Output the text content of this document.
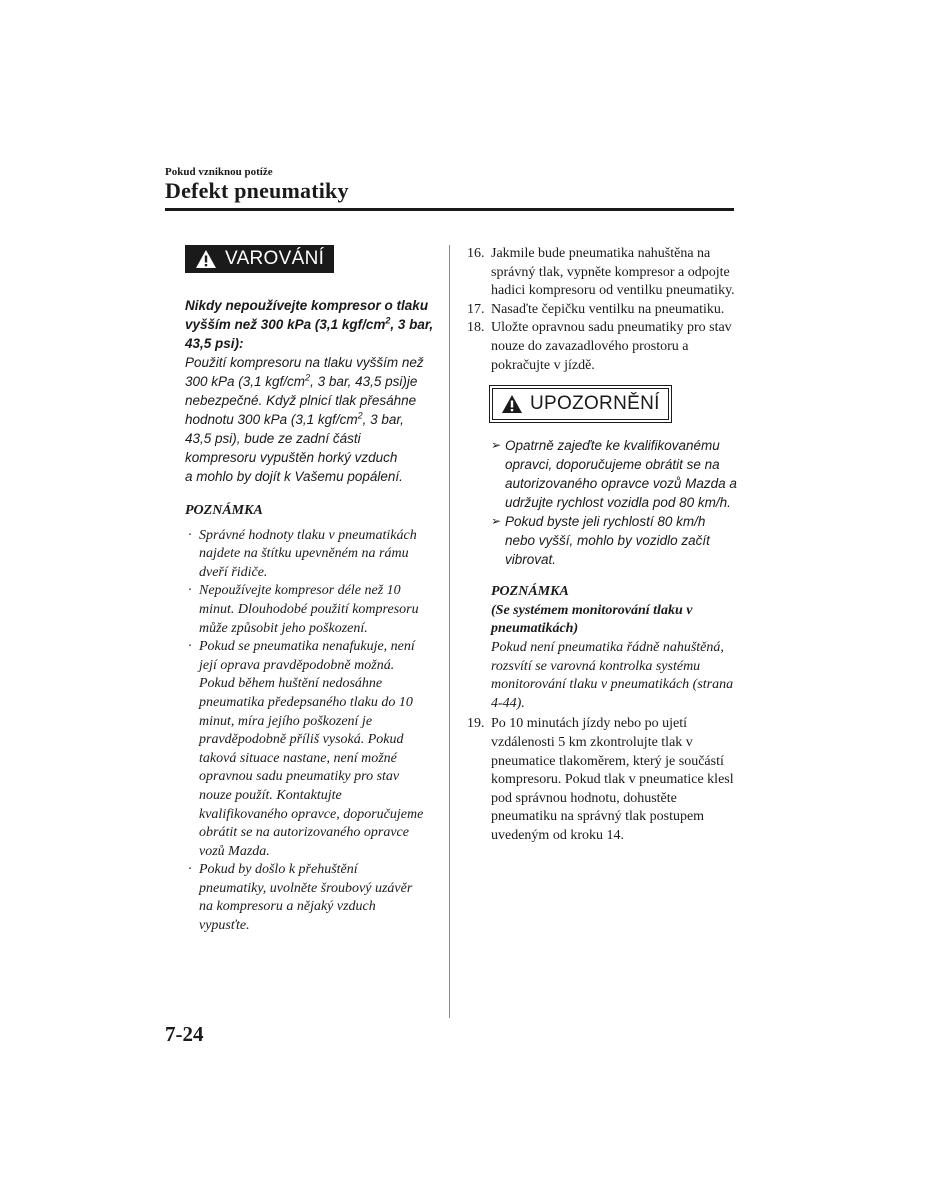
Pokud vzniknou potíže
Defekt pneumatiky
VAROVÁNÍ
Nikdy nepoužívejte kompresor o tlaku
vyšším než 300 kPa (3,1 kgf/$cm^2$, 3 bar,
43,5 psi):
Použití kompresoru na tlaku vyšším než
300 kPa (3,1 kgf/$cm^2$, 3 bar, 43,5 psi)je
nebezpečné. Když plnicí tlak přesáhne
hodnotu 300 kPa (3,1 kgf/$cm^2$, 3 bar,
43,5 psi), bude ze zadní části
kompresoru vypuštěn horký vzduch
a mohlo by dojít k Vašemu popálení.
POZNÁMKA
· Správné hodnoty tlaku v pneumatikách najdete na štítku upevněném na rámu dveří řidiče.
· Nepoužívejte kompresor déle než 10 minut. Dlouhodobé použití kompresoru může způsobit jeho poškození.
· Pokud se pneumatika nenafukuje, není její oprava pravděpodobně možná. Pokud během huštění nedosáhne pneumatika předepsaného tlaku do 10 minut, míra jejího poškození je pravděpodobně příliš vysoká. Pokud taková situace nastane, není možné opravnou sadu pneumatiky pro stav nouze použít. Kontaktujte kvalifikovaného opravce, doporučujeme obrátit se na autorizovaného opravce vozů Mazda.
· Pokud by došlo k přehuštění pneumatiky, uvolněte šroubový uzávěr na kompresoru a nějaký vzduch vypusťte.
16. Jakmile bude pneumatika nahuštěna na správný tlak, vypněte kompresor a odpojte hadici kompresoru od ventilku pneumatiky.
17. Nasaďte čepičku ventilku na pneumatiku.
18. Uložte opravnou sadu pneumatiky pro stav nouze do zavazadlového prostoru a pokračujte v jízdě.
UPOZORNĚNÍ
➢ Opatrně zajeďte ke kvalifikovanému opravci, doporučujeme obrátit se na autorizovaného opravce vozů Mazda a udržujte rychlost vozidla pod 80 km/h.
➢ Pokud byste jeli rychlostí 80 km/h nebo vyšší, mohlo by vozidlo začít vibrovat.
POZNÁMKA
(Se systémem monitorování tlaku v pneumatikách)
Pokud není pneumatika řádně nahuštěná, rozsvítí se varovná kontrolka systému monitorování tlaku v pneumatikách (strana 4-44).
19. Po 10 minutách jízdy nebo po ujetí vzdálenosti 5 km zkontrolujte tlak v pneumatice tlakoměrem, který je součástí kompresoru. Pokud tlak v pneumatice klesl pod správnou hodnotu, dohustěte pneumatiku na správný tlak postupem uvedeným od kroku 14.
7-24
